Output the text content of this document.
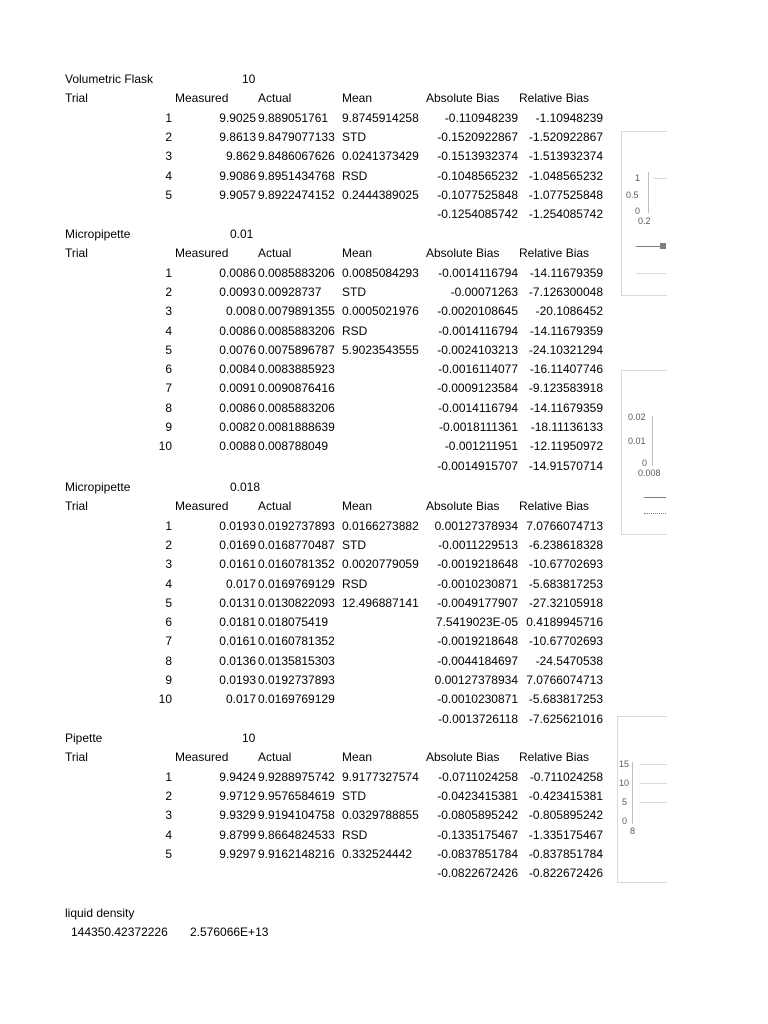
Volumetric Flask	10
Trial	Measured Actual	Mean	Absolute Bias Relative Bias
1	9.9025 9.889051761 9.8745914258 -0.110948239 -1.10948239
2	9.8613 9.8479077133 STD	-0.1520922867 -1.520922867
3	9.862 9.8486067626 0.0241373429 -0.1513932374 -1.513932374
4	9.9086 9.8951434768 RSD	-0.1048565232 -1.048565232
5	9.9057 9.8922474152 0.2444389025 -0.1077525848 -1.077525848
-0.1254085742 -1.254085742
Micropipette	0.01
Trial	Measured Actual	Mean	Absolute Bias Relative Bias
1	0.0086 0.0085883206 0.0085084293 -0.0014116794 -14.11679359
2	0.0093 0.00928737 STD	-0.00071263 -7.126300048
3	0.008 0.0079891355 0.0005021976 -0.0020108645 -20.1086452
4	0.0086 0.0085883206 RSD	-0.0014116794 -14.11679359
5	0.0076 0.0075896787 5.9023543555 -0.0024103213 -24.10321294
6	0.0084 0.0083885923	-0.0016114077 -16.11407746
7	0.0091 0.0090876416	-0.0009123584 -9.123583918
8	0.0086 0.0085883206	-0.0014116794 -14.11679359
9	0.0082 0.0081888639	-0.0018111361 -18.11136133
10	0.0088 0.008788049	-0.001211951 -12.11950972
-0.0014915707 -14.91570714
Micropipette	0.018
Trial	Measured Actual	Mean	Absolute Bias Relative Bias
1	0.0193 0.0192737893 0.0166273882 0.00127378934 7.0766074713
2	0.0169 0.0168770487 STD	-0.0011229513 -6.238618328
3	0.0161 0.0160781352 0.0020779059 -0.0019218648 -10.67702693
4	0.017 0.0169769129 RSD	-0.0010230871 -5.683817253
5	0.0131 0.0130822093 12.496887141 -0.0049177907 -27.32105918
6	0.0181 0.018075419	7.5419023E-05 0.4189945716
7	0.0161 0.0160781352	-0.0019218648 -10.67702693
8	0.0136 0.0135815303	-0.0044184697 -24.5470538
9	0.0193 0.0192737893	0.00127378934 7.0766074713
10	0.017 0.0169769129	-0.0010230871 -5.683817253
-0.0013726118 -7.625621016
Pipette	10
Trial	Measured Actual	Mean	Absolute Bias Relative Bias
1	9.9424 9.9288975742 9.9177327574 -0.0711024258 -0.711024258
2	9.9712 9.9576584619 STD	-0.0423415381 -0.423415381
3	9.9329 9.9194104758 0.0329788855 -0.0805895242 -0.805895242
4	9.8799 9.8664824533 RSD	-0.1335175467 -1.335175467
5	9.9297 9.9162148216 0.332524442 -0.0837851784 -0.837851784
-0.0822672426 -0.822672426
1
0.5
0
0.2
0.02
0.01
0
0.008
15
10
5
0
8
liquid density
144350.42372226 2.576066E+13
